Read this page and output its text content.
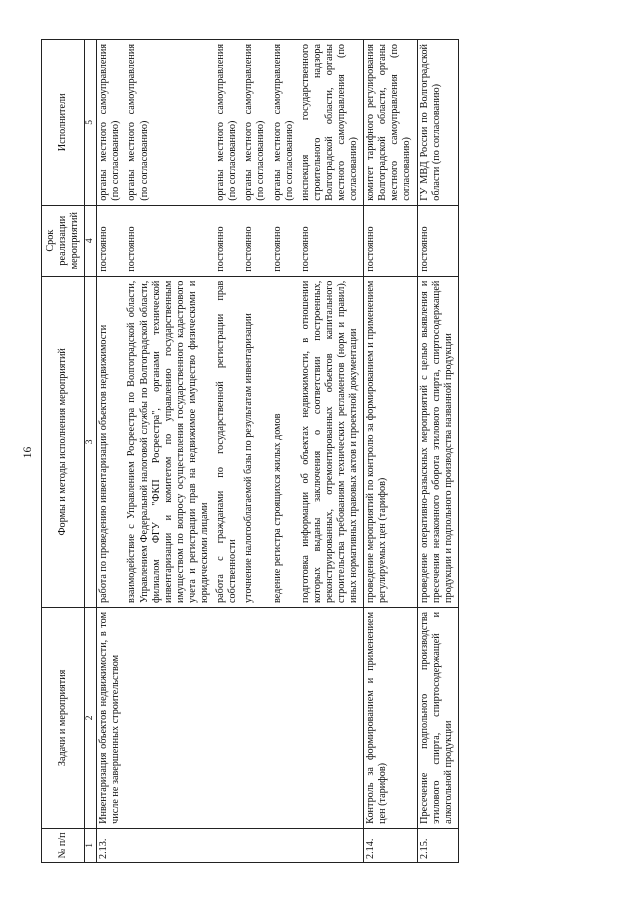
16
№ п/п	Задачи и мероприятия	Формы и методы исполнения мероприятий	Срок реализации мероприятий	Исполнители
1	2	3	4	5
2.13.	Инвентаризация объектов недвижимости, в том числе не завершенных строительством	работа по проведению инвентаризации объектов недвижимости	постоянно	органы местного самоуправления (по согласованию)
		взаимодействие с Управлением Росреестра по Волгоградской области, Управлением Федеральной налоговой службы по Волгоградской области, филиалом ФГУ "ФКП Росреестра", органами технической инвентаризации и комитетом по управлению государственным имуществом по вопросу осуществления государственного кадастрового учета и регистрации прав на недвижимое имущество физическими и юридическими лицами	постоянно	органы местного самоуправления (по согласованию)
		работа с гражданами по государственной регистрации прав собственности	постоянно	органы местного самоуправления (по согласованию)
		уточнение налогооблагаемой базы по результатам инвентаризации	постоянно	органы местного самоуправления (по согласованию)
		ведение регистра строящихся жилых домов	постоянно	органы местного самоуправления (по согласованию)
		подготовка информации об объектах недвижимости, в отношении которых выданы заключения о соответствии построенных, реконструированных, отремонтированных объектов капитального строительства требованиям технических регламентов (норм и правил), иных нормативных правовых актов и проектной документации	постоянно	инспекция государственного строительного надзора Волгоградской области, органы местного самоуправления (по согласованию)
2.14.	Контроль за формированием и применением цен (тарифов)	проведение мероприятий по контролю за формированием и применением регулируемых цен (тарифов)	постоянно	комитет тарифного регулирования Волгоградской области, органы местного самоуправления (по согласованию)
2.15.	Пресечение подпольного производства этилового спирта, спиртосодержащей и алкогольной продукции	проведение оперативно-разыскных мероприятий с целью выявления и пресечения незаконного оборота этилового спирта, спиртосодержащей продукции и подпольного производства названной продукции	постоянно	ГУ МВД России по Волгоградской области (по согласованию)
